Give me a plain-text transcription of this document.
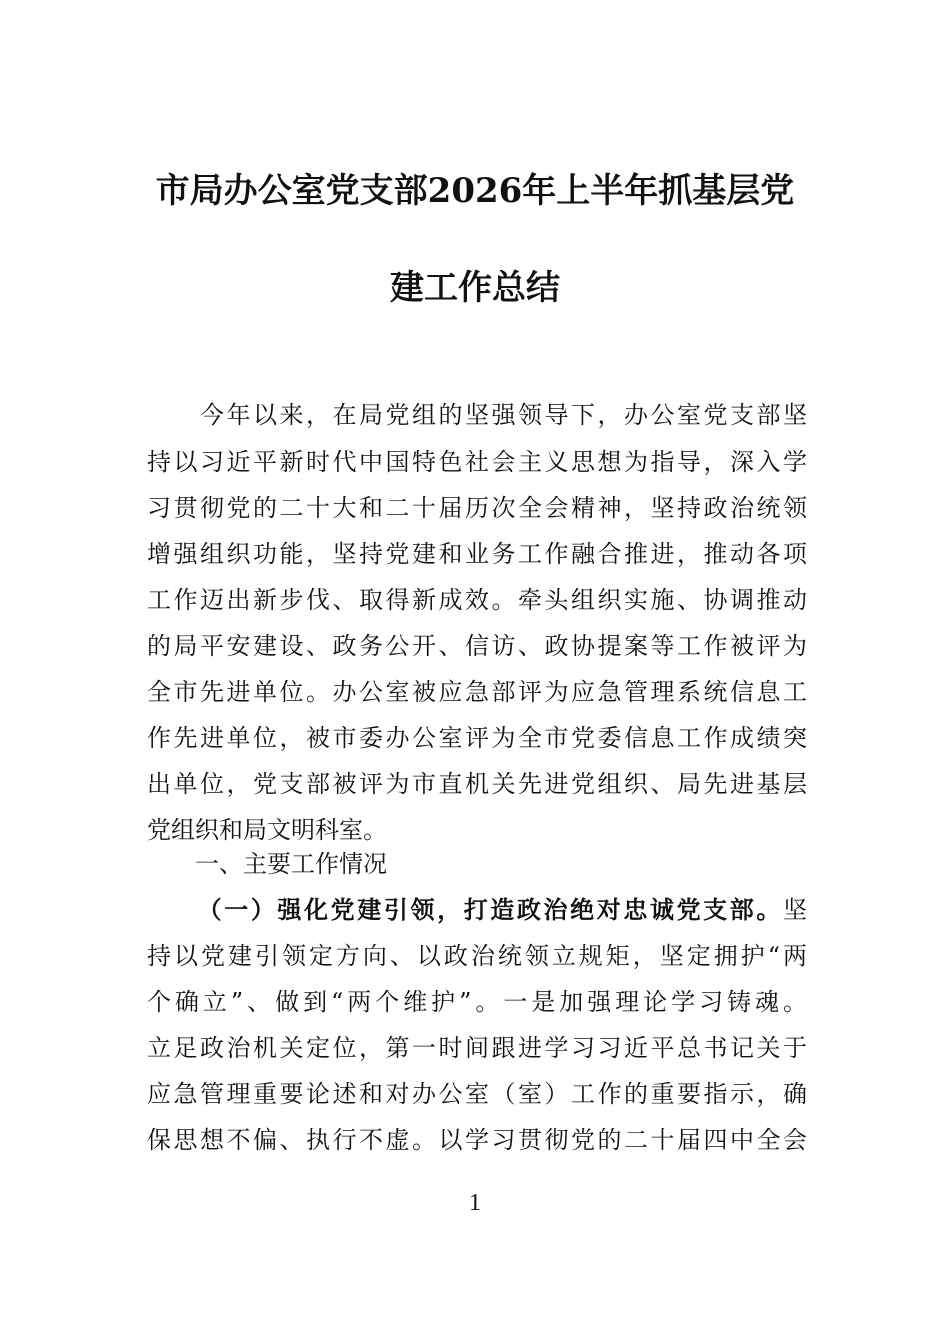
市局办公室党支部2026年上半年抓基层党
建工作总结
　　今年以来，在局党组的坚强领导下，办公室党支部坚
持以习近平新时代中国特色社会主义思想为指导，深入学
习贯彻党的二十大和二十届历次全会精神，坚持政治统领
增强组织功能，坚持党建和业务工作融合推进，推动各项
工作迈出新步伐、取得新成效。牵头组织实施、协调推动
的局平安建设、政务公开、信访、政协提案等工作被评为
全市先进单位。办公室被应急部评为应急管理系统信息工
作先进单位，被市委办公室评为全市党委信息工作成绩突
出单位，党支部被评为市直机关先进党组织、局先进基层
党组织和局文明科室。
一、主要工作情况
（一）强化党建引领，打造政治绝对忠诚党支部。坚
持以党建引领定方向、以政治统领立规矩，坚定拥护“两
个确立”、做到“两个维护”。一是加强理论学习铸魂。
立足政治机关定位，第一时间跟进学习习近平总书记关于
应急管理重要论述和对办公室（室）工作的重要指示，确
保思想不偏、执行不虚。以学习贯彻党的二十届四中全会
1
